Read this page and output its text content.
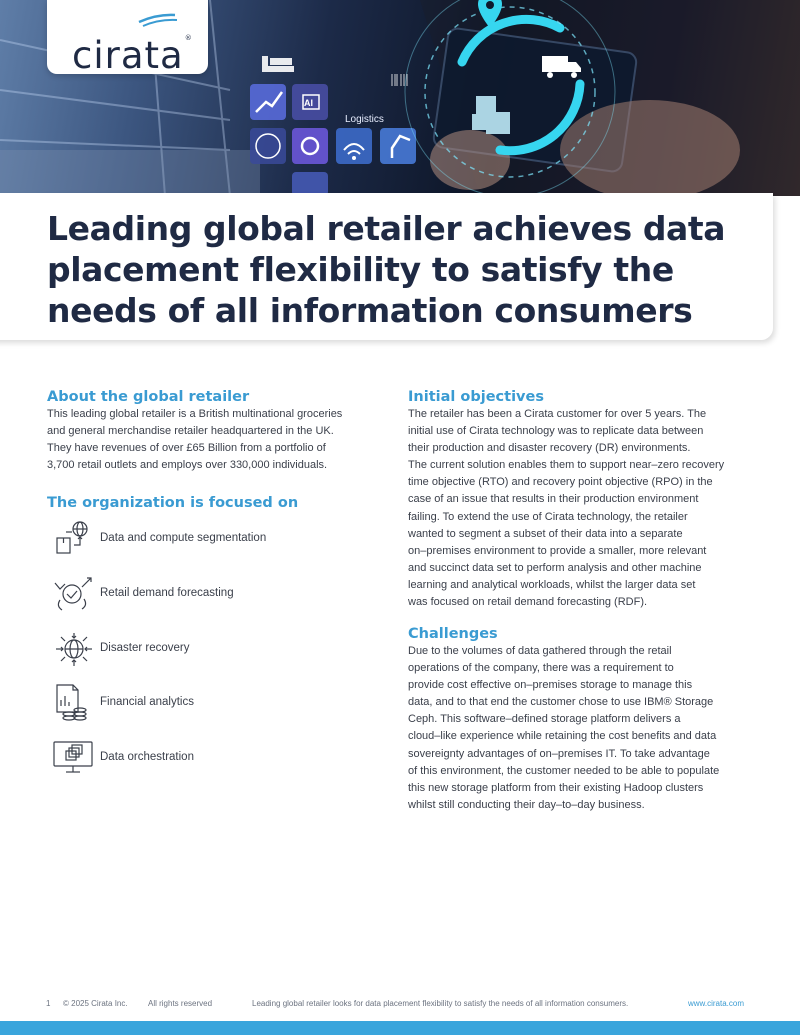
Logistics
AI
cirata®
Leading global retailer achieves data
placement flexibility to satisfy the
needs of all information consumers
About the global retailer

This leading global retailer is a British multinational groceries
and general merchandise retailer headquartered in the UK.
They have revenues of over £65 Billion from a portfolio of
3,700 retail outlets and employs over 330,000 individuals.

The organization is focused on
Data and compute segmentation
Retail demand forecasting
Disaster recovery
Financial analytics
Data orchestration
Initial objectives

The retailer has been a Cirata customer for over 5 years. The
initial use of Cirata technology was to replicate data between
their production and disaster recovery (DR) environments.
The current solution enables them to support near–zero recovery
time objective (RTO) and recovery point objective (RPO) in the
case of an issue that results in their production environment
failing. To extend the use of Cirata technology, the retailer
wanted to segment a subset of their data into a separate
on–premises environment to provide a smaller, more relevant
and succinct data set to perform analysis and other machine
learning and analytical workloads, whilst the larger data set
was focused on retail demand forecasting (RDF).

Challenges

Due to the volumes of data gathered through the retail
operations of the company, there was a requirement to
provide cost effective on–premises storage to manage this
data, and to that end the customer chose to use IBM® Storage
Ceph. This software–defined storage platform delivers a
cloud–like experience while retaining the cost benefits and data
sovereignty advantages of on–premises IT. To take advantage
of this environment, the customer needed to be able to populate
this new storage platform from their existing Hadoop clusters
whilst still conducting their day–to–day business.

1 © 2025 Cirata Inc.	All rights reserved	Leading global retailer looks for data placement flexibility to satisfy the needs of all information consumers.	www.cirata.com
